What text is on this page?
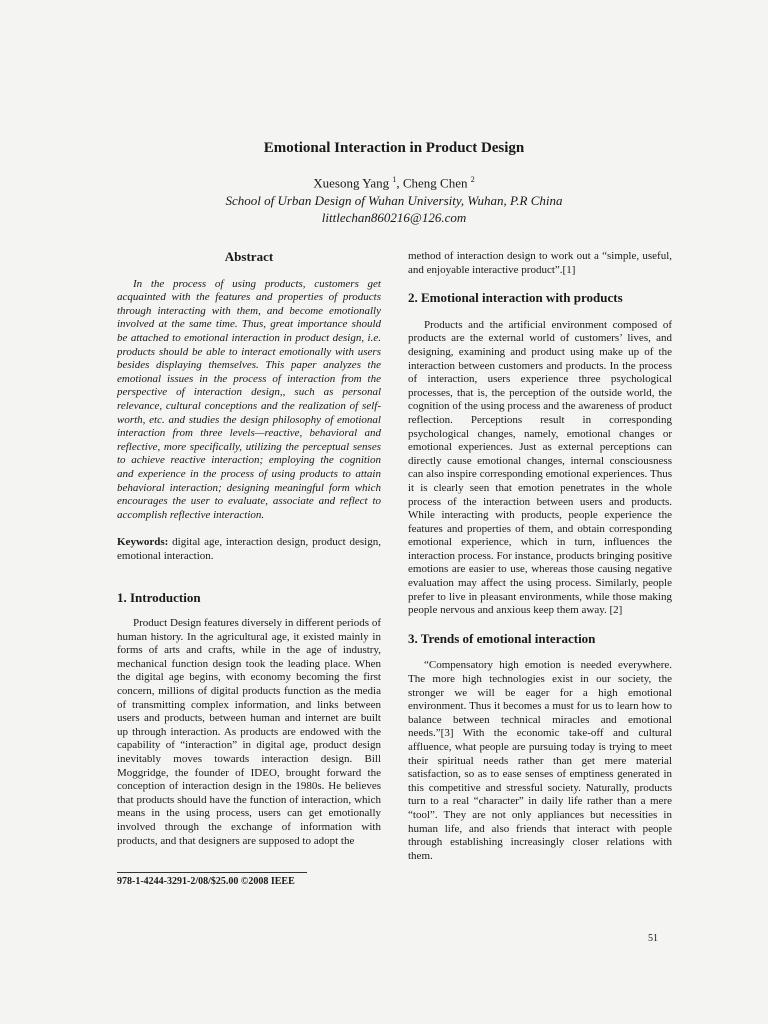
Emotional Interaction in Product Design
Xuesong Yang $^1$, Cheng Chen $^2$
School of Urban Design of Wuhan University, Wuhan, P.R China
littlechan860216@126.com
Abstract

In the process of using products, customers get acquainted with the features and properties of products through interacting with them, and become emotionally involved at the same time. Thus, great importance should be attached to emotional interaction in product design, i.e. products should be able to interact emotionally with users besides displaying themselves. This paper analyzes the emotional issues in the process of interaction from the perspective of interaction design,, such as personal relevance, cultural conceptions and the realization of self-worth, etc. and studies the design philosophy of emotional interaction from three levels—reactive, behavioral and reflective, more specifically, utilizing the perceptual senses to achieve reactive interaction; employing the cognition and experience in the process of using products to attain behavioral interaction; designing meaningful form which encourages the user to evaluate, associate and reflect to accomplish reflective interaction.

Keywords: digital age, interaction design, product design, emotional interaction.

1. Introduction

Product Design features diversely in different periods of human history. In the agricultural age, it existed mainly in forms of arts and crafts, while in the age of industry, mechanical function design took the leading place. When the digital age begins, with economy becoming the first concern, millions of digital products function as the media of transmitting complex information, and links between users and products, between human and internet are built up through interaction. As products are endowed with the capability of “interaction” in digital age, product design inevitably moves towards interaction design. Bill Moggridge, the founder of IDEO, brought forward the conception of interaction design in the 1980s. He believes that products should have the function of interaction, which means in the using process, users can get emotionally involved through the exchange of information with products, and that designers are supposed to adopt the

method of interaction design to work out a “simple, useful, and enjoyable interactive product”.[1]

2. Emotional interaction with products

Products and the artificial environment composed of products are the external world of customers’ lives, and designing, examining and product using make up of the interaction between customers and products. In the process of interaction, users experience three psychological processes, that is, the perception of the outside world, the cognition of the using process and the awareness of product reflection. Perceptions result in corresponding psychological changes, namely, emotional changes or emotional experiences. Just as external perceptions can directly cause emotional changes, internal consciousness can also inspire corresponding emotional experiences. Thus it is clearly seen that emotion penetrates in the whole process of the interaction between users and products. While interacting with products, people experience the features and properties of them, and obtain corresponding emotional experience, which in turn, influences the interaction process. For instance, products bringing positive emotions are easier to use, whereas those causing negative evaluation may affect the using process. Similarly, people prefer to live in pleasant environments, while those making people nervous and anxious keep them away. [2]

3. Trends of emotional interaction

“Compensatory high emotion is needed everywhere. The more high technologies exist in our society, the stronger we will be eager for a high emotional environment. Thus it becomes a must for us to learn how to balance between technical miracles and emotional needs.”[3] With the economic take-off and cultural affluence, what people are pursuing today is trying to meet their spiritual needs rather than get mere material satisfaction, so as to ease senses of emptiness generated in this competitive and stressful society. Naturally, products turn to a real “character” in daily life rather than a mere “tool”. They are not only appliances but necessities in human life, and also friends that interact with people through establishing increasingly closer relations with them.

978-1-4244-3291-2/08/$25.00 ©2008 IEEE
51
